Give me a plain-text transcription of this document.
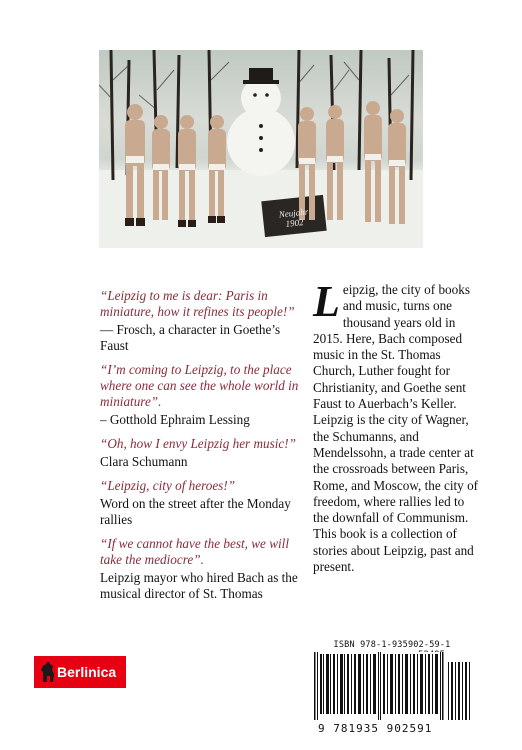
Neujahr
1902

“Leipzig to me is dear: Paris in miniature, how it refines its people!”

— Frosch, a character in Goethe’s Faust

“I’m coming to Leipzig, to the place where one can see the whole world in miniature”.

– Gotthold Ephraim Lessing

“Oh, how I envy Leipzig her music!”

Clara Schumann

“Leipzig, city of heroes!”

Word on the street after the Monday rallies

“If we cannot have the best, we will take the mediocre”.

Leipzig mayor who hired Bach as the musical director of St. Thomas

Leipzig, the city of books and music, turns one thousand years old in 2015. Here, Bach composed music in the St. Thomas Church, Luther fought for Christianity, and Goethe sent Faust to Auerbach’s Keller. Leipzig is the city of Wagner, the Schumanns, and Mendelssohn, a trade center at the crossroads between Paris, Rome, and Moscow, the city of freedom, where rallies led to the downfall of Communism. This book is a collection of stories about Leipzig, past and present.
Berlinica
ISBN 978-1-935902-59-1
9 781935 902591
